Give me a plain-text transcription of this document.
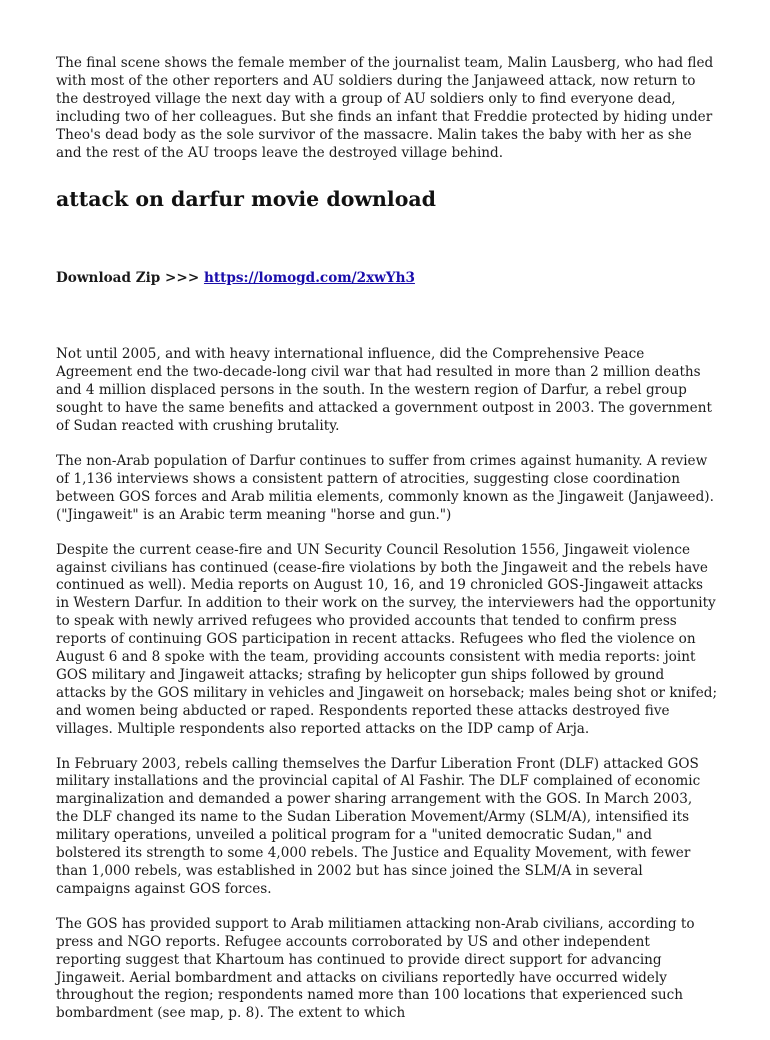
The final scene shows the female member of the journalist team, Malin Lausberg, who had fled with most of the other reporters and AU soldiers during the Janjaweed attack, now return to the destroyed village the next day with a group of AU soldiers only to find everyone dead, including two of her colleagues. But she finds an infant that Freddie protected by hiding under Theo's dead body as the sole survivor of the massacre. Malin takes the baby with her as she and the rest of the AU troops leave the destroyed village behind.

attack on darfur movie download
Download Zip >>> https://lomogd.com/2xwYh3

Not until 2005, and with heavy international influence, did the Comprehensive Peace Agreement end the two-decade-long civil war that had resulted in more than 2 million deaths and 4 million displaced persons in the south. In the western region of Darfur, a rebel group sought to have the same benefits and attacked a government outpost in 2003. The government of Sudan reacted with crushing brutality.

The non-Arab population of Darfur continues to suffer from crimes against humanity. A review of 1,136 interviews shows a consistent pattern of atrocities, suggesting close coordination between GOS forces and Arab militia elements, commonly known as the Jingaweit (Janjaweed). ("Jingaweit" is an Arabic term meaning "horse and gun.")

Despite the current cease-fire and UN Security Council Resolution 1556, Jingaweit violence against civilians has continued (cease-fire violations by both the Jingaweit and the rebels have continued as well). Media reports on August 10, 16, and 19 chronicled GOS-Jingaweit attacks in Western Darfur. In addition to their work on the survey, the interviewers had the opportunity to speak with newly arrived refugees who provided accounts that tended to confirm press reports of continuing GOS participation in recent attacks. Refugees who fled the violence on August 6 and 8 spoke with the team, providing accounts consistent with media reports: joint GOS military and Jingaweit attacks; strafing by helicopter gun ships followed by ground attacks by the GOS military in vehicles and Jingaweit on horseback; males being shot or knifed; and women being abducted or raped. Respondents reported these attacks destroyed five villages. Multiple respondents also reported attacks on the IDP camp of Arja.

In February 2003, rebels calling themselves the Darfur Liberation Front (DLF) attacked GOS military installations and the provincial capital of Al Fashir. The DLF complained of economic marginalization and demanded a power sharing arrangement with the GOS. In March 2003, the DLF changed its name to the Sudan Liberation Movement/Army (SLM/A), intensified its military operations, unveiled a political program for a "united democratic Sudan," and bolstered its strength to some 4,000 rebels. The Justice and Equality Movement, with fewer than 1,000 rebels, was established in 2002 but has since joined the SLM/A in several campaigns against GOS forces.

The GOS has provided support to Arab militiamen attacking non-Arab civilians, according to press and NGO reports. Refugee accounts corroborated by US and other independent reporting suggest that Khartoum has continued to provide direct support for advancing Jingaweit. Aerial bombardment and attacks on civilians reportedly have occurred widely throughout the region; respondents named more than 100 locations that experienced such bombardment (see map, p. 8). The extent to which
